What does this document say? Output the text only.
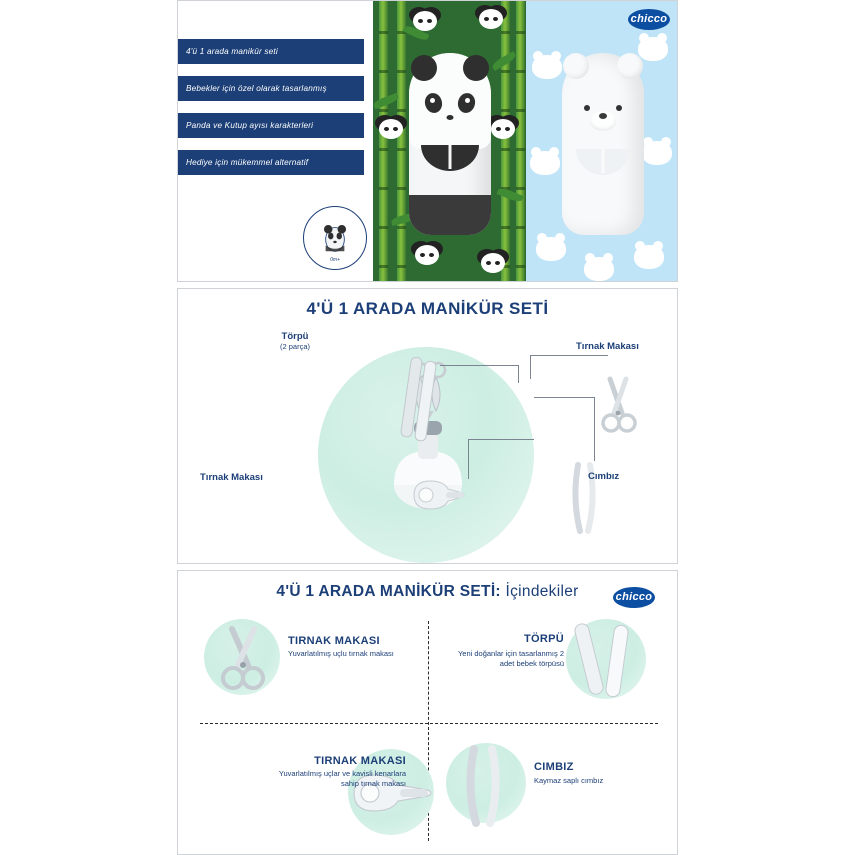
4'ü 1 arada manikür seti
Bebekler için özel olarak tasarlanmış
Panda ve Kutup ayısı karakterleri
Hediye için mükemmel alternatif
0m+
chicco
4'Ü 1 ARADA MANİKÜR SETİ
Törpü
(2 parça)	Tırnak Makası
Tırnak Makası	Cımbız
4'Ü 1 ARADA MANİKÜR SETİ: İçindekiler	chicco
TIRNAK MAKASI
Yuvarlatılmış uçlu tırnak makası
TÖRPÜ
Yeni doğanlar için tasarlanmış 2 adet bebek törpüsü
TIRNAK MAKASI
Yuvarlatılmış uçlar ve kavisli kenarlara sahip tırnak makası
CIMBIZ
Kaymaz saplı cımbız
